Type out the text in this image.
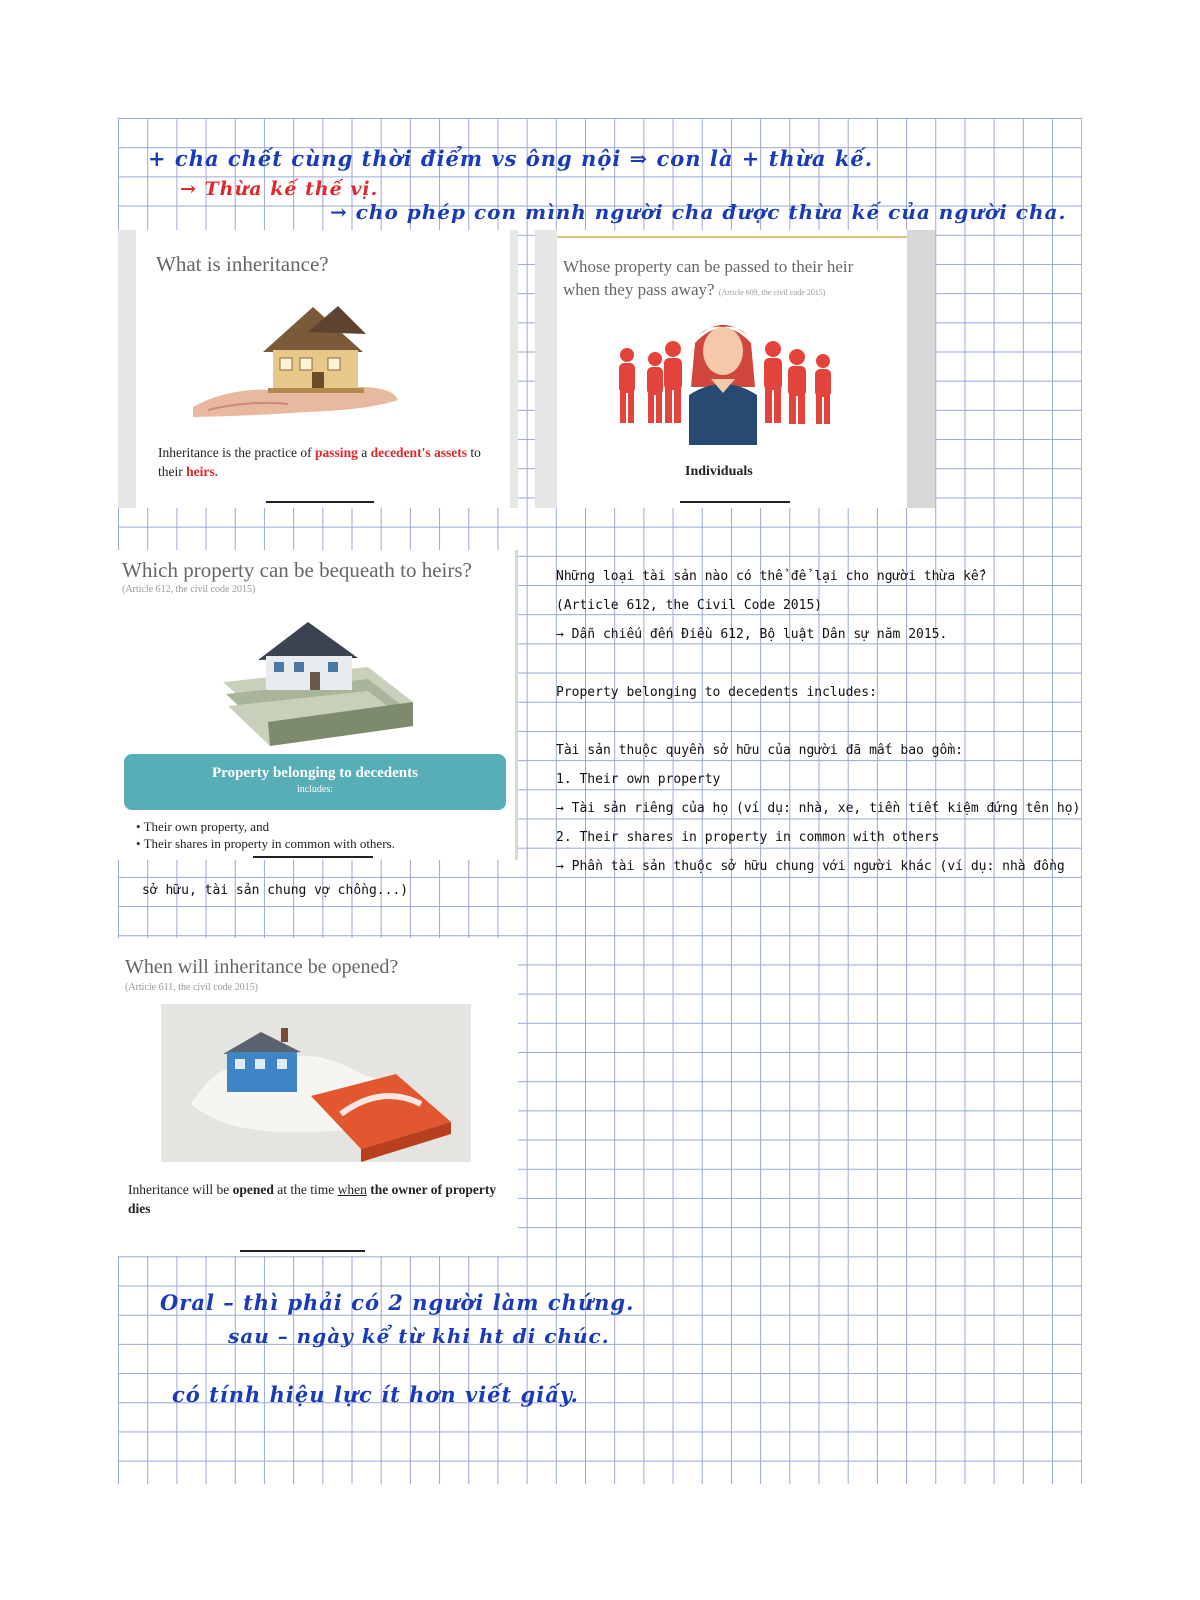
+ cha chết cùng thời điểm vs ông nội ⇒ con là + thừa kế.
→ Thừa kế thế vị.
→ cho phép con mình người cha được thừa kế của người cha.
What is inheritance?
Inheritance is the practice of passing a decedent's assets to their heirs.
Whose property can be passed to their heir
when they pass away? (Article 609, the civil code 2015)
Individuals
Which property can be bequeath to heirs?
(Article 612, the civil code 2015)
Property belonging to decedents
includes:
• Their own property, and
• Their shares in property in common with others.
Những loại tài sản nào có thể để lại cho người thừa kế?
(Article 612, the Civil Code 2015)
→ Dẫn chiếu đến Điều 612, Bộ luật Dân sự năm 2015.
Property belonging to decedents includes:
Tài sản thuộc quyền sở hữu của người đã mất bao gồm:
1. Their own property
→ Tài sản riêng của họ (ví dụ: nhà, xe, tiền tiết kiệm đứng tên họ)
2. Their shares in property in common with others
→ Phần tài sản thuộc sở hữu chung với người khác (ví dụ: nhà đồng
sở hữu, tài sản chung vợ chồng...)
When will inheritance be opened?
(Article 611, the civil code 2015)
Inheritance will be opened at the time when the owner of property dies
Oral – thì phải có 2 người làm chứng.
sau – ngày kể từ khi ht di chúc.
có tính hiệu lực ít hơn viết giấy.
